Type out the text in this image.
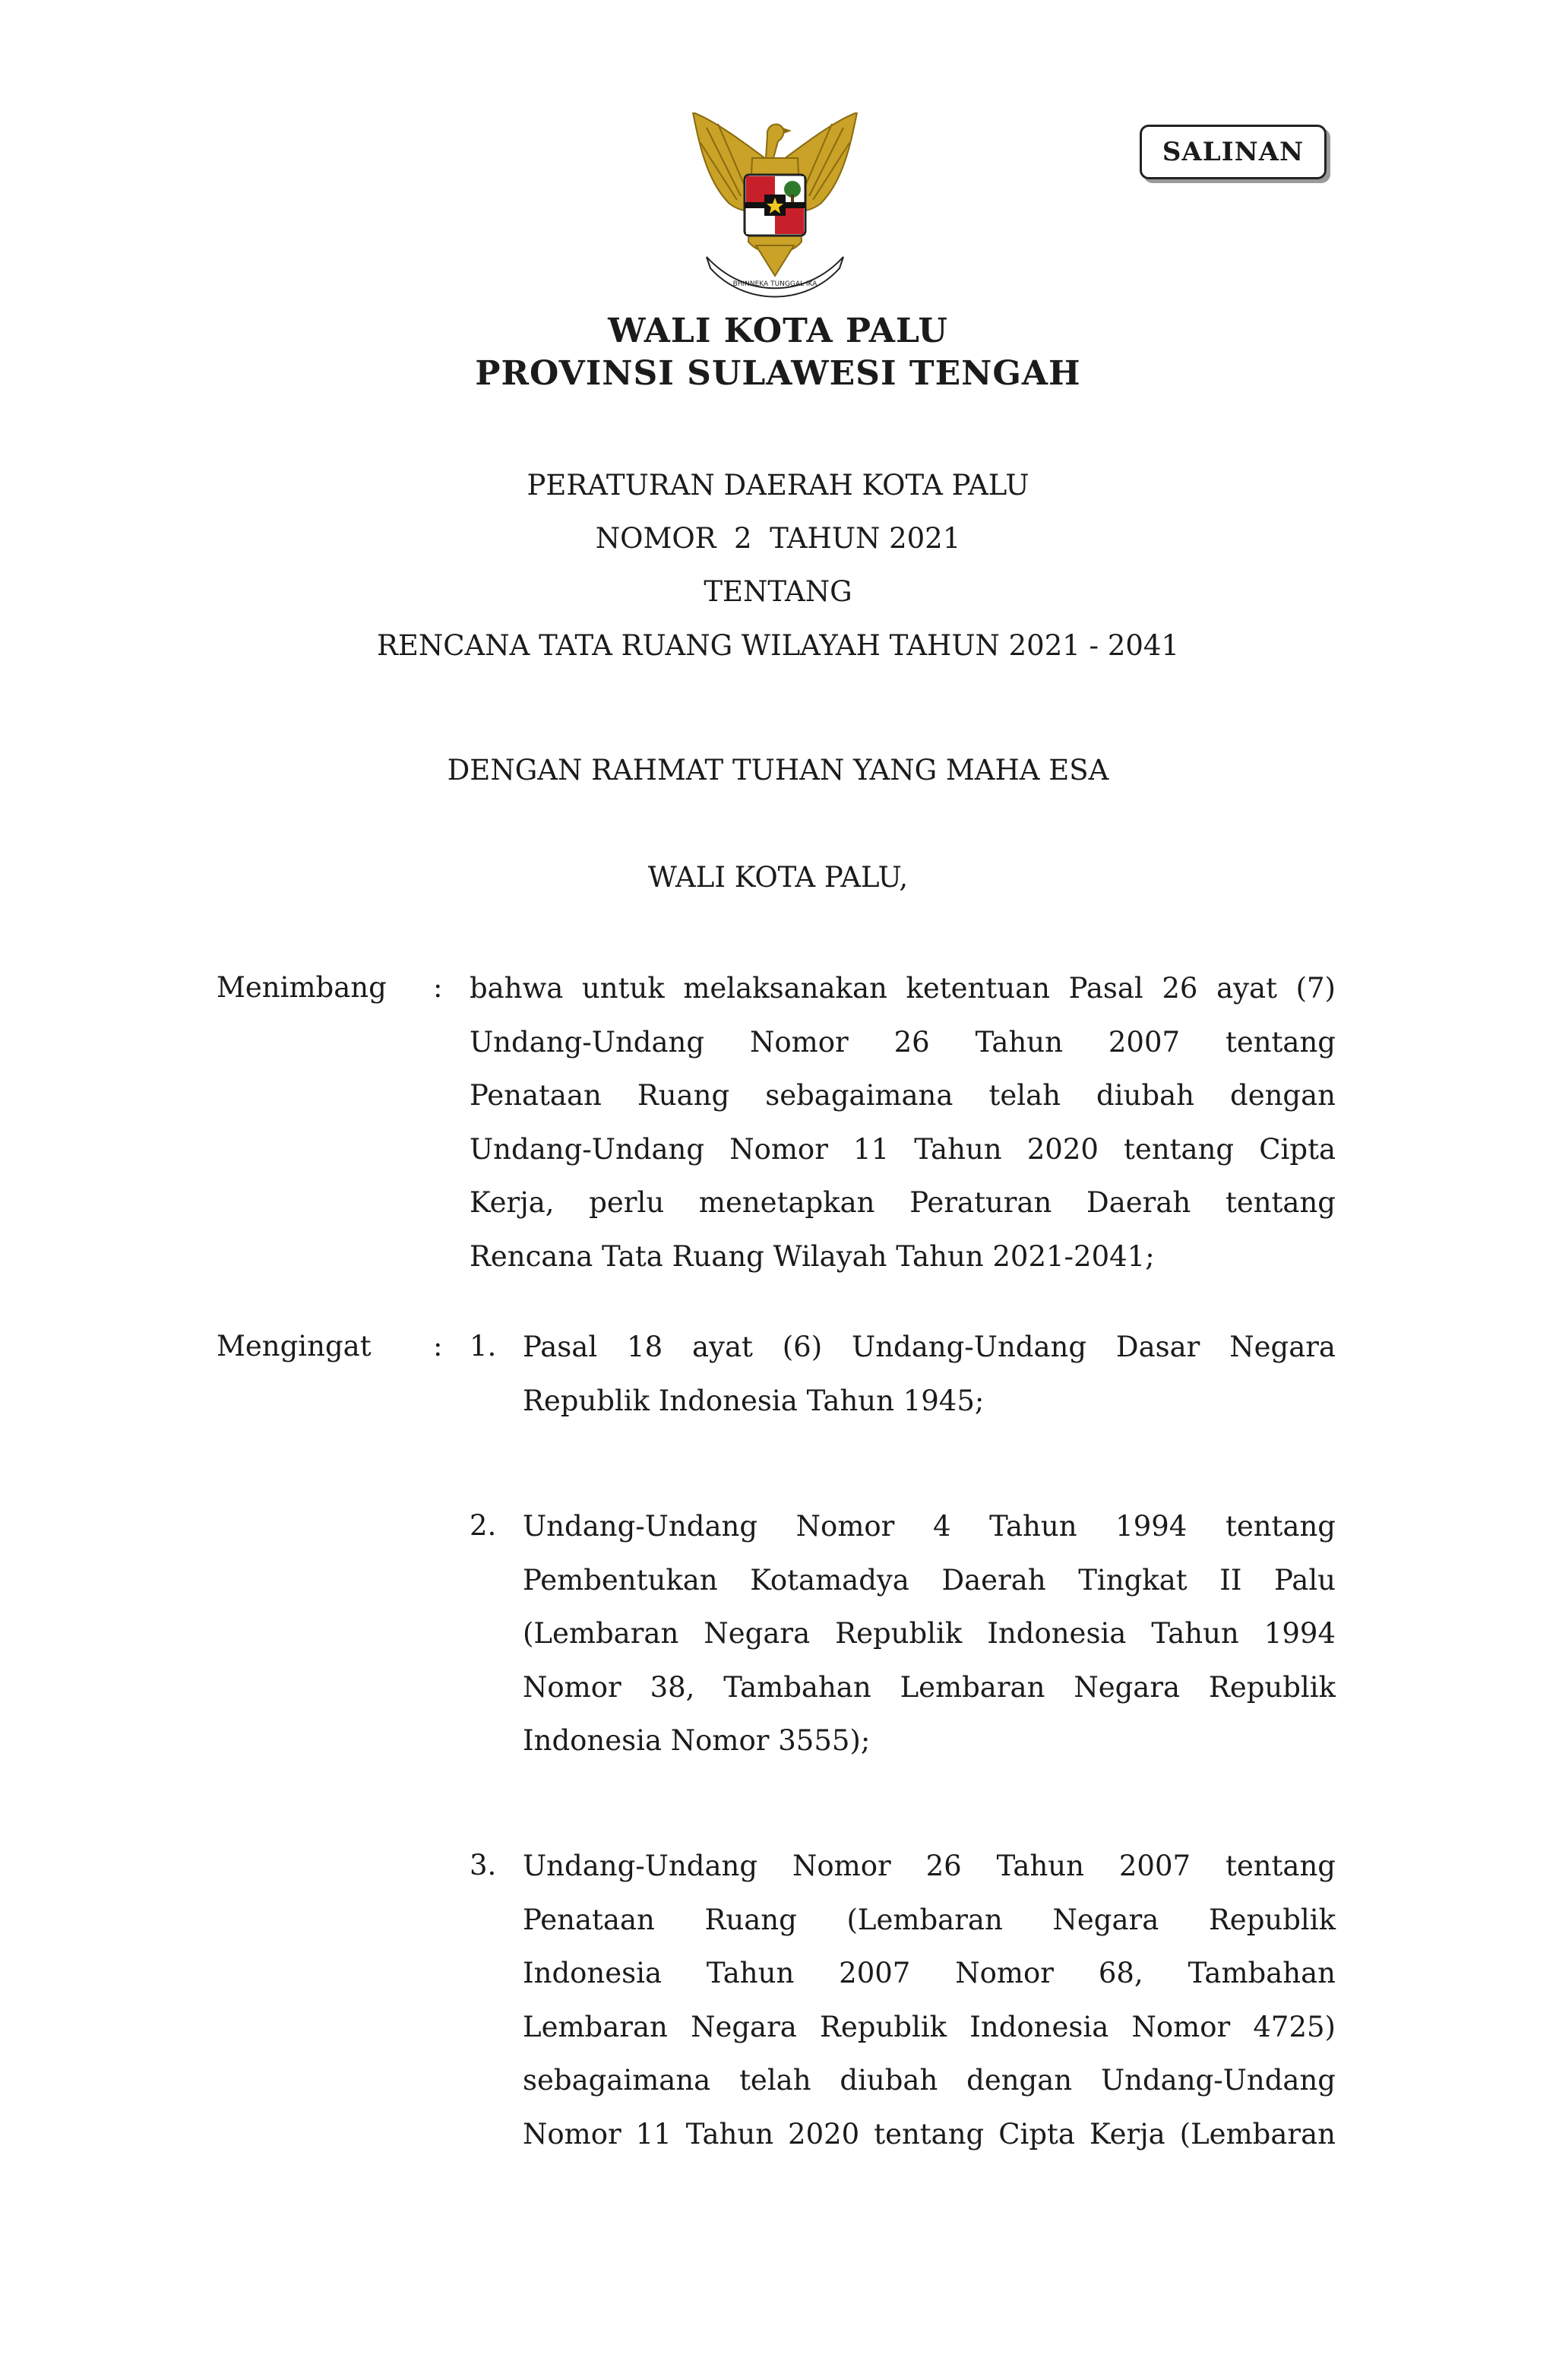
SALINAN
BHINNEKA TUNGGAL IKA
WALI KOTA PALU
PROVINSI SULAWESI TENGAH
PERATURAN DAERAH KOTA PALU
NOMOR  2  TAHUN 2021
TENTANG
RENCANA TATA RUANG WILAYAH TAHUN 2021 - 2041
DENGAN RAHMAT TUHAN YANG MAHA ESA
WALI KOTA PALU,
Menimbang : bahwa untuk melaksanakan ketentuan Pasal 26 ayat (7)
Undang-Undang Nomor 26 Tahun 2007 tentang
Penataan Ruang sebagaimana telah diubah dengan
Undang-Undang Nomor 11 Tahun 2020 tentang Cipta
Kerja, perlu menetapkan Peraturan Daerah tentang
Rencana Tata Ruang Wilayah Tahun 2021-2041;
Mengingat : 1. Pasal 18 ayat (6) Undang-Undang Dasar Negara
Republik Indonesia Tahun 1945;
2. Undang-Undang Nomor 4 Tahun 1994 tentang
Pembentukan Kotamadya Daerah Tingkat II Palu
(Lembaran Negara Republik Indonesia Tahun 1994
Nomor 38, Tambahan Lembaran Negara Republik
Indonesia Nomor 3555);
3. Undang-Undang Nomor 26 Tahun 2007 tentang
Penataan Ruang (Lembaran Negara Republik
Indonesia Tahun 2007 Nomor 68, Tambahan
Lembaran Negara Republik Indonesia Nomor 4725)
sebagaimana telah diubah dengan Undang-Undang
Nomor 11 Tahun 2020 tentang Cipta Kerja (Lembaran
